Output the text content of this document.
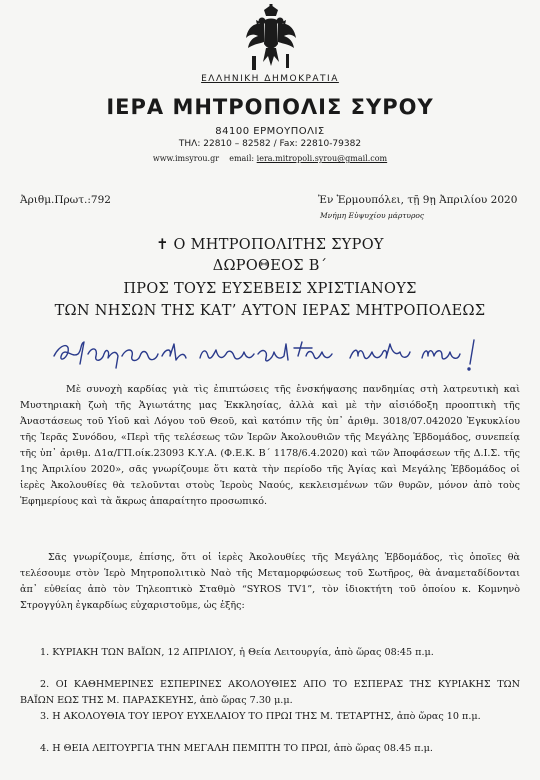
ΕΛΛΗΝΙΚΗ ΔΗΜΟΚΡΑΤΙΑ
ΙΕΡΑ ΜΗΤΡΟΠΟΛΙΣ ΣΥΡΟΥ
84100 ΕΡΜΟΥΠΟΛΙΣ
ΤΗΛ: 22810 – 82582 / Fax: 22810-79382
www.imsyrou.gr email: iera.mitropoli.syrou@gmail.com
Ἀριθμ.Πρωτ.:792	Ἐν Ἑρμουπόλει, τῇ 9ῃ Ἀπριλίου 2020
Μνήμη Εὐψυχίου μάρτυρος
✝ Ο ΜΗΤΡΟΠΟΛΙΤΗΣ ΣΥΡΟΥ
ΔΩΡΟΘΕΟΣ Β΄
ΠΡΟΣ ΤΟΥΣ ΕΥΣΕΒΕΙΣ ΧΡΙΣΤΙΑΝΟΥΣ
ΤΩΝ ΝΗΣΩΝ ΤΗΣ ΚΑΤ’ ΑΥΤΟΝ ΙΕΡΑΣ ΜΗΤΡΟΠΟΛΕΩΣ
Μὲ συνοχὴ καρδίας γιὰ τὶς ἐπιπτώσεις τῆς ἐνσκήψασης πανδημίας στὴ λατρευτικὴ καὶ Μυστηριακὴ ζωὴ τῆς Ἁγιωτάτης μας Ἐκκλησίας, ἀλλὰ καὶ μὲ τὴν αἰσιόδοξη προοπτικὴ τῆς Ἀναστάσεως τοῦ Υἱοῦ καὶ Λόγου τοῦ Θεοῦ, καὶ κατόπιν τῆς ὑπ᾽ ἀριθμ. 3018/07.042020 Ἐγκυκλίου τῆς Ἱερᾶς Συνόδου, «Περὶ τῆς τελέσεως τῶν Ἱερῶν Ἀκολουθιῶν τῆς Μεγάλης Ἑβδομάδος, συνεπείᾳ τῆς ὑπ᾽ ἀριθμ. Δ1α/ΓΠ.οίκ.23093 Κ.Υ.Α. (Φ.Ε.Κ. Β΄ 1178/6.4.2020) καὶ τῶν Ἀποφάσεων τῆς Δ.Ι.Σ. τῆς 1ης Ἀπριλίου 2020», σᾶς γνωρίζουμε ὅτι κατὰ τὴν περίοδο τῆς Ἁγίας καὶ Μεγάλης Ἑβδομάδος οἱ ἱερὲς Ἀκολουθίες θὰ τελοῦνται στοὺς Ἱεροὺς Ναούς, κεκλεισμένων τῶν θυρῶν, μόνον ἀπὸ τοὺς Ἐφημερίους καὶ τὰ ἄκρως ἀπαραίτητο προσωπικό.
Σᾶς γνωρίζουμε, ἐπίσης, ὅτι οἱ ἱερὲς Ἀκολουθίες τῆς Μεγάλης Ἑβδομάδος, τὶς ὁποῖες θὰ τελέσουμε στὸν Ἱερὸ Μητροπολιτικὸ Ναὸ τῆς Μεταμορφώσεως τοῦ Σωτῆρος, θὰ ἀναμεταδίδονται ἀπ᾽ εὐθείας ἀπὸ τὸν Τηλεοπτικὸ Σταθμὸ “SYROS TV1”, τὸν ἰδιοκτήτη τοῦ ὁποίου κ. Κομνηνὸ Στρογγύλη ἐγκαρδίως εὐχαριστοῦμε, ὡς ἑξῆς:
1. ΚΥΡΙΑΚΗ ΤΩΝ ΒΑΪΩΝ, 12 ΑΠΡΙΛΙΟΥ, ἡ Θεία Λειτουργία, ἀπὸ ὥρας 08:45 π.μ.
2. ΟΙ ΚΑΘΗΜΕΡΙΝΕΣ ΕΣΠΕΡΙΝΕΣ ΑΚΟΛΟΥΘΙΕΣ ΑΠΟ ΤΟ ΕΣΠΕΡΑΣ ΤΗΣ ΚΥΡΙΑΚΗΣ ΤΩΝ ΒΑΪΩΝ ΕΩΣ ΤΗΣ Μ. ΠΑΡΑΣΚΕΥΗΣ, ἀπὸ ὥρας 7.30 μ.μ.
3. Η ΑΚΟΛΟΥΘΙΑ ΤΟΥ ΙΕΡΟΥ ΕΥΧΕΛΑΙΟΥ ΤΟ ΠΡΩΙ ΤΗΣ Μ. ΤΕΤΑΡΤΗΣ, ἀπὸ ὥρας 10 π.μ.
4. Η ΘΕΙΑ ΛΕΙΤΟΥΡΓΙΑ ΤΗΝ ΜΕΓΑΛΗ ΠΕΜΠΤΗ ΤΟ ΠΡΩΙ, ἀπὸ ὥρας 08.45 π.μ.
